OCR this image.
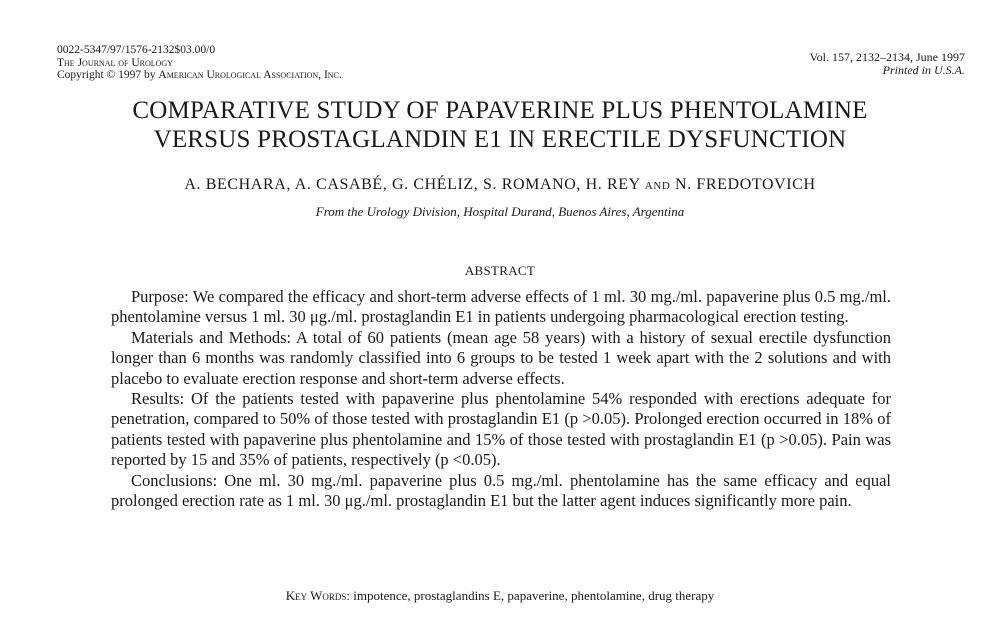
0022-5347/97/1576-2132$03.00/0
The Journal of Urology
Copyright © 1997 by American Urological Association, Inc.
Vol. 157, 2132–2134, June 1997
Printed in U.S.A.
COMPARATIVE STUDY OF PAPAVERINE PLUS PHENTOLAMINE
VERSUS PROSTAGLANDIN E1 IN ERECTILE DYSFUNCTION
A. BECHARA, A. CASABÉ, G. CHÉLIZ, S. ROMANO, H. REY and N. FREDOTOVICH
From the Urology Division, Hospital Durand, Buenos Aires, Argentina
ABSTRACT

Purpose: We compared the efficacy and short-term adverse effects of 1 ml. 30 mg./ml. papaverine plus 0.5 mg./ml. phentolamine versus 1 ml. 30 μg./ml. prostaglandin E1 in patients undergoing pharmacological erection testing.

Materials and Methods: A total of 60 patients (mean age 58 years) with a history of sexual erectile dysfunction longer than 6 months was randomly classified into 6 groups to be tested 1 week apart with the 2 solutions and with placebo to evaluate erection response and short-term adverse effects.

Results: Of the patients tested with papaverine plus phentolamine 54% responded with erections adequate for penetration, compared to 50% of those tested with prostaglandin E1 (p >0.05). Prolonged erection occurred in 18% of patients tested with papaverine plus phentolamine and 15% of those tested with prostaglandin E1 (p >0.05). Pain was reported by 15 and 35% of patients, respectively (p <0.05).

Conclusions: One ml. 30 mg./ml. papaverine plus 0.5 mg./ml. phentolamine has the same efficacy and equal prolonged erection rate as 1 ml. 30 μg./ml. prostaglandin E1 but the latter agent induces significantly more pain.

Key Words: impotence, prostaglandins E, papaverine, phentolamine, drug therapy
